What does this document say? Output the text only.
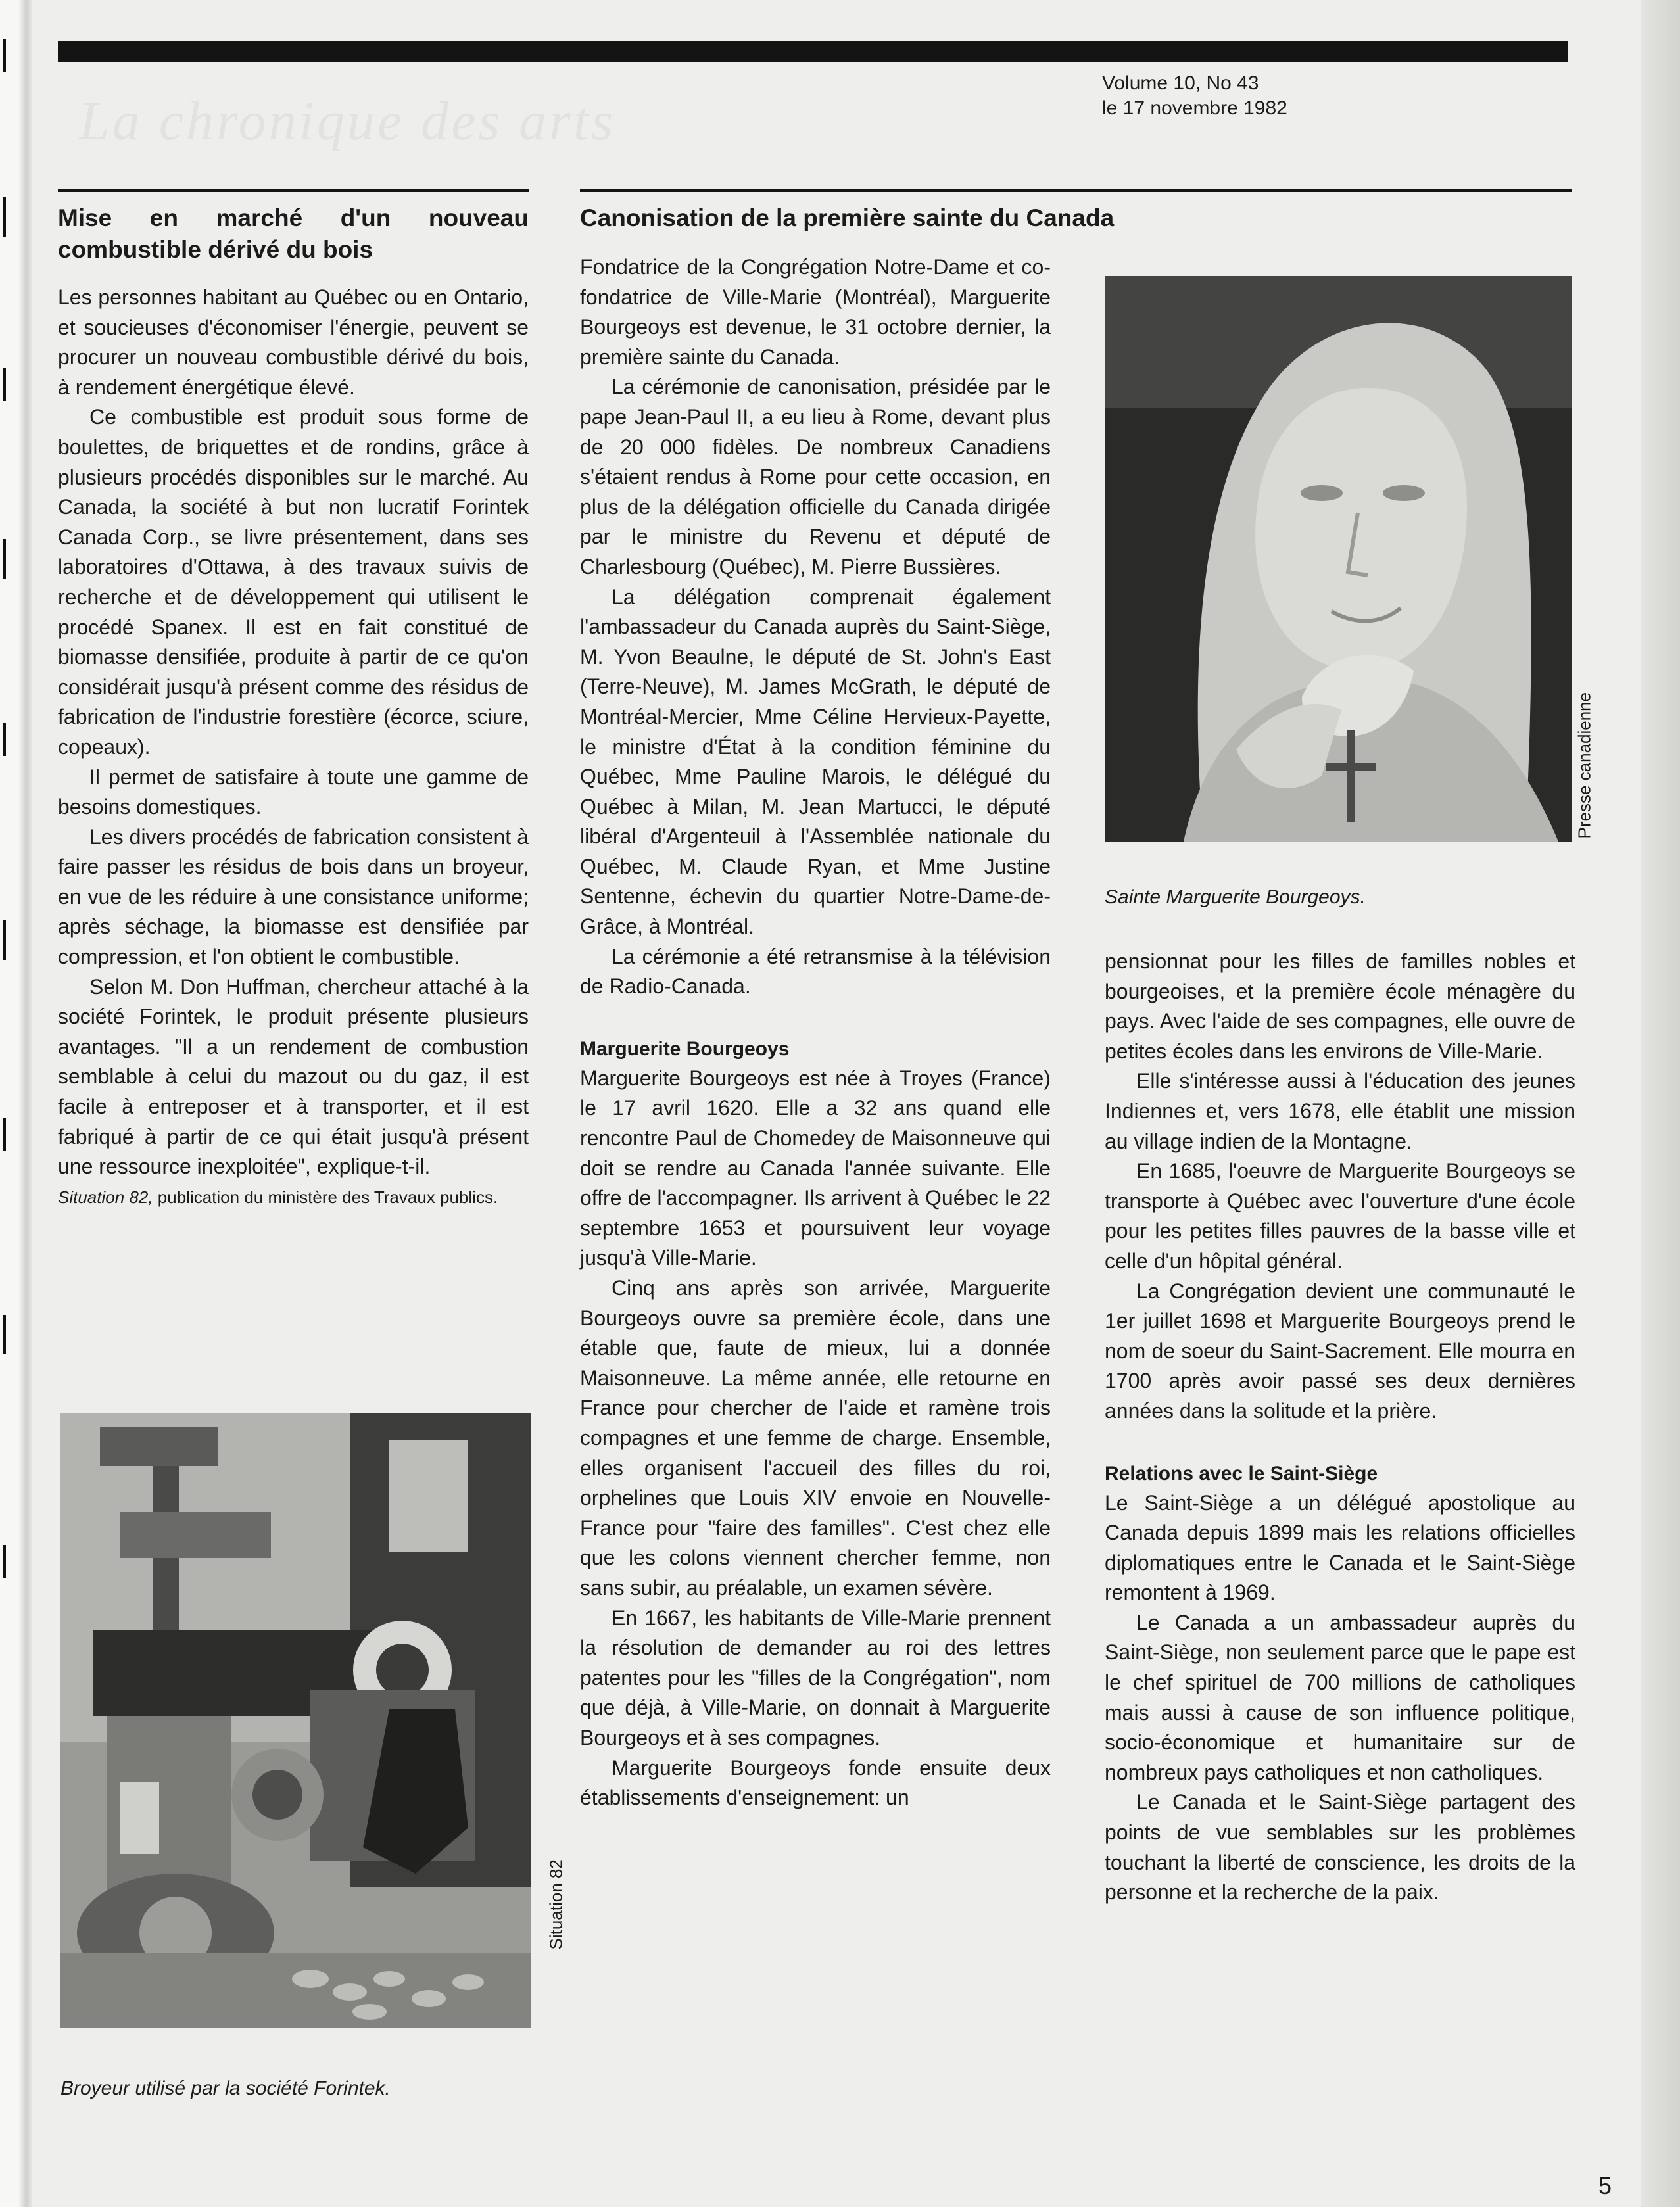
La chronique des arts
Volume 10, No 43
le 17 novembre 1982
Mise en marché d'un nouveau combustible dérivé du bois

Les personnes habitant au Québec ou en Ontario, et soucieuses d'économiser l'énergie, peuvent se procurer un nouveau combustible dérivé du bois, à rendement énergétique élevé.

Ce combustible est produit sous forme de boulettes, de briquettes et de rondins, grâce à plusieurs procédés disponibles sur le marché. Au Canada, la société à but non lucratif Forintek Canada Corp., se livre présentement, dans ses laboratoires d'Ottawa, à des travaux suivis de recherche et de développement qui utilisent le procédé Spanex. Il est en fait constitué de biomasse densifiée, produite à partir de ce qu'on considérait jusqu'à présent comme des résidus de fabrication de l'industrie forestière (écorce, sciure, copeaux).

Il permet de satisfaire à toute une gamme de besoins domestiques.

Les divers procédés de fabrication consistent à faire passer les résidus de bois dans un broyeur, en vue de les réduire à une consistance uniforme; après séchage, la biomasse est densifiée par compression, et l'on obtient le combustible.

Selon M. Don Huffman, chercheur attaché à la société Forintek, le produit présente plusieurs avantages. "Il a un rendement de combustion semblable à celui du mazout ou du gaz, il est facile à entreposer et à transporter, et il est fabriqué à partir de ce qui était jusqu'à présent une ressource inexploitée", explique-t-il.

Situation 82, publication du ministère des Travaux publics.

Situation 82
Broyeur utilisé par la société Forintek.
Canonisation de la première sainte du Canada

Fondatrice de la Congrégation Notre-Dame et co-fondatrice de Ville-Marie (Montréal), Marguerite Bourgeoys est devenue, le 31 octobre dernier, la première sainte du Canada.

La cérémonie de canonisation, présidée par le pape Jean-Paul II, a eu lieu à Rome, devant plus de 20 000 fidèles. De nombreux Canadiens s'étaient rendus à Rome pour cette occasion, en plus de la délégation officielle du Canada dirigée par le ministre du Revenu et député de Charlesbourg (Québec), M. Pierre Bussières.

La délégation comprenait également l'ambassadeur du Canada auprès du Saint-Siège, M. Yvon Beaulne, le député de St. John's East (Terre-Neuve), M. James McGrath, le député de Montréal-Mercier, Mme Céline Hervieux-Payette, le ministre d'État à la condition féminine du Québec, Mme Pauline Marois, le délégué du Québec à Milan, M. Jean Martucci, le député libéral d'Argenteuil à l'Assemblée nationale du Québec, M. Claude Ryan, et Mme Justine Sentenne, échevin du quartier Notre-Dame-de-Grâce, à Montréal.

La cérémonie a été retransmise à la télévision de Radio-Canada.

Marguerite Bourgeoys

Marguerite Bourgeoys est née à Troyes (France) le 17 avril 1620. Elle a 32 ans quand elle rencontre Paul de Chomedey de Maisonneuve qui doit se rendre au Canada l'année suivante. Elle offre de l'accompagner. Ils arrivent à Québec le 22 septembre 1653 et poursuivent leur voyage jusqu'à Ville-Marie.

Cinq ans après son arrivée, Marguerite Bourgeoys ouvre sa première école, dans une étable que, faute de mieux, lui a donnée Maisonneuve. La même année, elle retourne en France pour chercher de l'aide et ramène trois compagnes et une femme de charge. Ensemble, elles organisent l'accueil des filles du roi, orphelines que Louis XIV envoie en Nouvelle-France pour "faire des familles". C'est chez elle que les colons viennent chercher femme, non sans subir, au préalable, un examen sévère.

En 1667, les habitants de Ville-Marie prennent la résolution de demander au roi des lettres patentes pour les "filles de la Congrégation", nom que déjà, à Ville-Marie, on donnait à Marguerite Bourgeoys et à ses compagnes.

Marguerite Bourgeoys fonde ensuite deux établissements d'enseignement: un

Presse canadienne
Sainte Marguerite Bourgeoys.

pensionnat pour les filles de familles nobles et bourgeoises, et la première école ménagère du pays. Avec l'aide de ses compagnes, elle ouvre de petites écoles dans les environs de Ville-Marie.

Elle s'intéresse aussi à l'éducation des jeunes Indiennes et, vers 1678, elle établit une mission au village indien de la Montagne.

En 1685, l'oeuvre de Marguerite Bourgeoys se transporte à Québec avec l'ouverture d'une école pour les petites filles pauvres de la basse ville et celle d'un hôpital général.

La Congrégation devient une communauté le 1er juillet 1698 et Marguerite Bourgeoys prend le nom de soeur du Saint-Sacrement. Elle mourra en 1700 après avoir passé ses deux dernières années dans la solitude et la prière.

Relations avec le Saint-Siège

Le Saint-Siège a un délégué apostolique au Canada depuis 1899 mais les relations officielles diplomatiques entre le Canada et le Saint-Siège remontent à 1969.

Le Canada a un ambassadeur auprès du Saint-Siège, non seulement parce que le pape est le chef spirituel de 700 millions de catholiques mais aussi à cause de son influence politique, socio-économique et humanitaire sur de nombreux pays catholiques et non catholiques.

Le Canada et le Saint-Siège partagent des points de vue semblables sur les problèmes touchant la liberté de conscience, les droits de la personne et la recherche de la paix.

5
